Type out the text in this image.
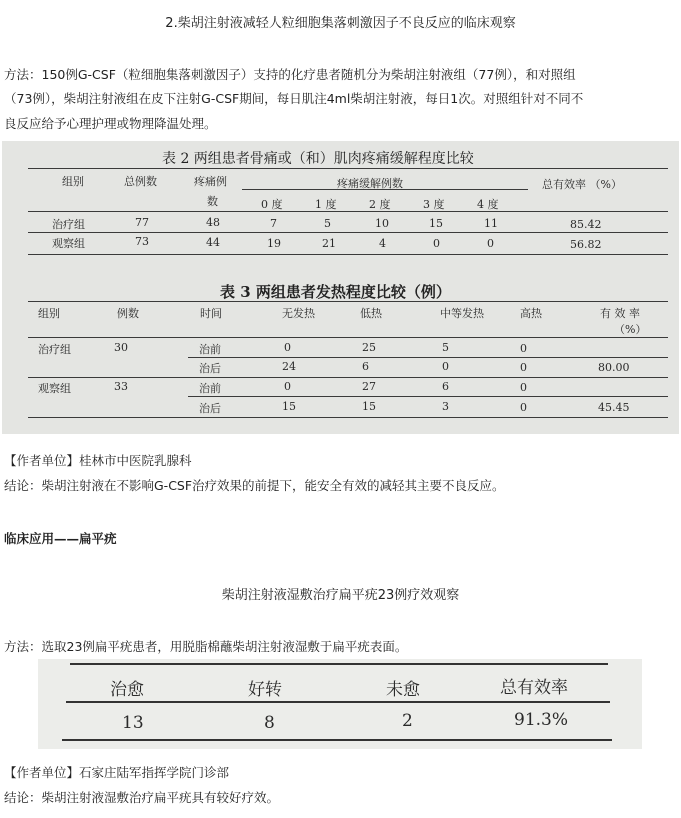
2.柴胡注射液减轻人粒细胞集落刺激因子不良反应的临床观察
方法：150例G-CSF（粒细胞集落刺激因子）支持的化疗患者随机分为柴胡注射液组（77例），和对照组
（73例），柴胡注射液组在皮下注射G-CSF期间，每日肌注4ml柴胡注射液，每日1次。对照组针对不同不
良反应给予心理护理或物理降温处理。
表 2 两组患者骨痛或（和）肌肉疼痛缓解程度比较
组别	总例数	疼痛例
数
疼痛缓解例数	总有效率 （%）
0 度	1 度	2 度	3 度	4 度
治疗组	77	48	7	5	10	15	11	85.42
观察组	73	44	19	21	4	0	0	56.82
表 3 两组患者发热程度比较（例）
组别	例数	时间	无发热	低热	中等发热	高热	有 效 率
（%）
治疗组	30	治前	0	25	5	0
治后	24	6	0	0	80.00
观察组	33	治前	0	27	6	0
治后	15	15	3	0	45.45
【作者单位】桂林市中医院乳腺科
结论：柴胡注射液在不影响G-CSF治疗效果的前提下，能安全有效的减轻其主要不良反应。
临床应用——扁平疣
柴胡注射液湿敷治疗扁平疣23例疗效观察
方法：选取23例扁平疣患者，用脱脂棉蘸柴胡注射液湿敷于扁平疣表面。
治愈	好转	未愈	总有效率
13	8	2	91.3%
【作者单位】石家庄陆军指挥学院门诊部
结论：柴胡注射液湿敷治疗扁平疣具有较好疗效。
